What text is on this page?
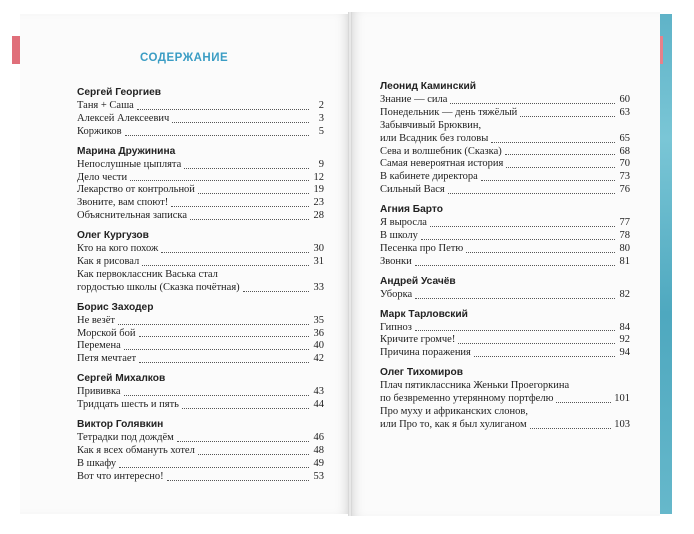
СОДЕРЖАНИЕ
Сергей Георгиев
Таня + Саша	2
Алексей Алексеевич	3
Коржиков	5
Марина Дружинина
Непослушные цыплята	9
Дело чести	12
Лекарство от контрольной	19
Звоните, вам споют!	23
Объяснительная записка	28
Олег Кургузов
Кто на кого похож	30
Как я рисовал	31
Как первоклассник Васька стал
гордостью школы (Сказка почётная)	33
Борис Заходер
Не везёт	35
Морской бой	36
Перемена	40
Петя мечтает	42
Сергей Михалков
Прививка	43
Тридцать шесть и пять	44
Виктор Голявкин
Тетрадки под дождём	46
Как я всех обмануть хотел	48
В шкафу	49
Вот что интересно!	53
Леонид Каминский
Знание — сила	60
Понедельник — день тяжёлый	63
Забывчивый Брюквин,
или Всадник без головы	65
Сева и волшебник (Сказка)	68
Самая невероятная история	70
В кабинете директора	73
Сильный Вася	76
Агния Барто
Я выросла	77
В школу	78
Песенка про Петю	80
Звонки	81
Андрей Усачёв
Уборка	82
Марк Тарловский
Гипноз	84
Кричите громче!	92
Причина поражения	94
Олег Тихомиров
Плач пятиклассника Женьки Проегоркина
по безвременно утерянному портфелю	101
Про муху и африканских слонов,
или Про то, как я был хулиганом	103
